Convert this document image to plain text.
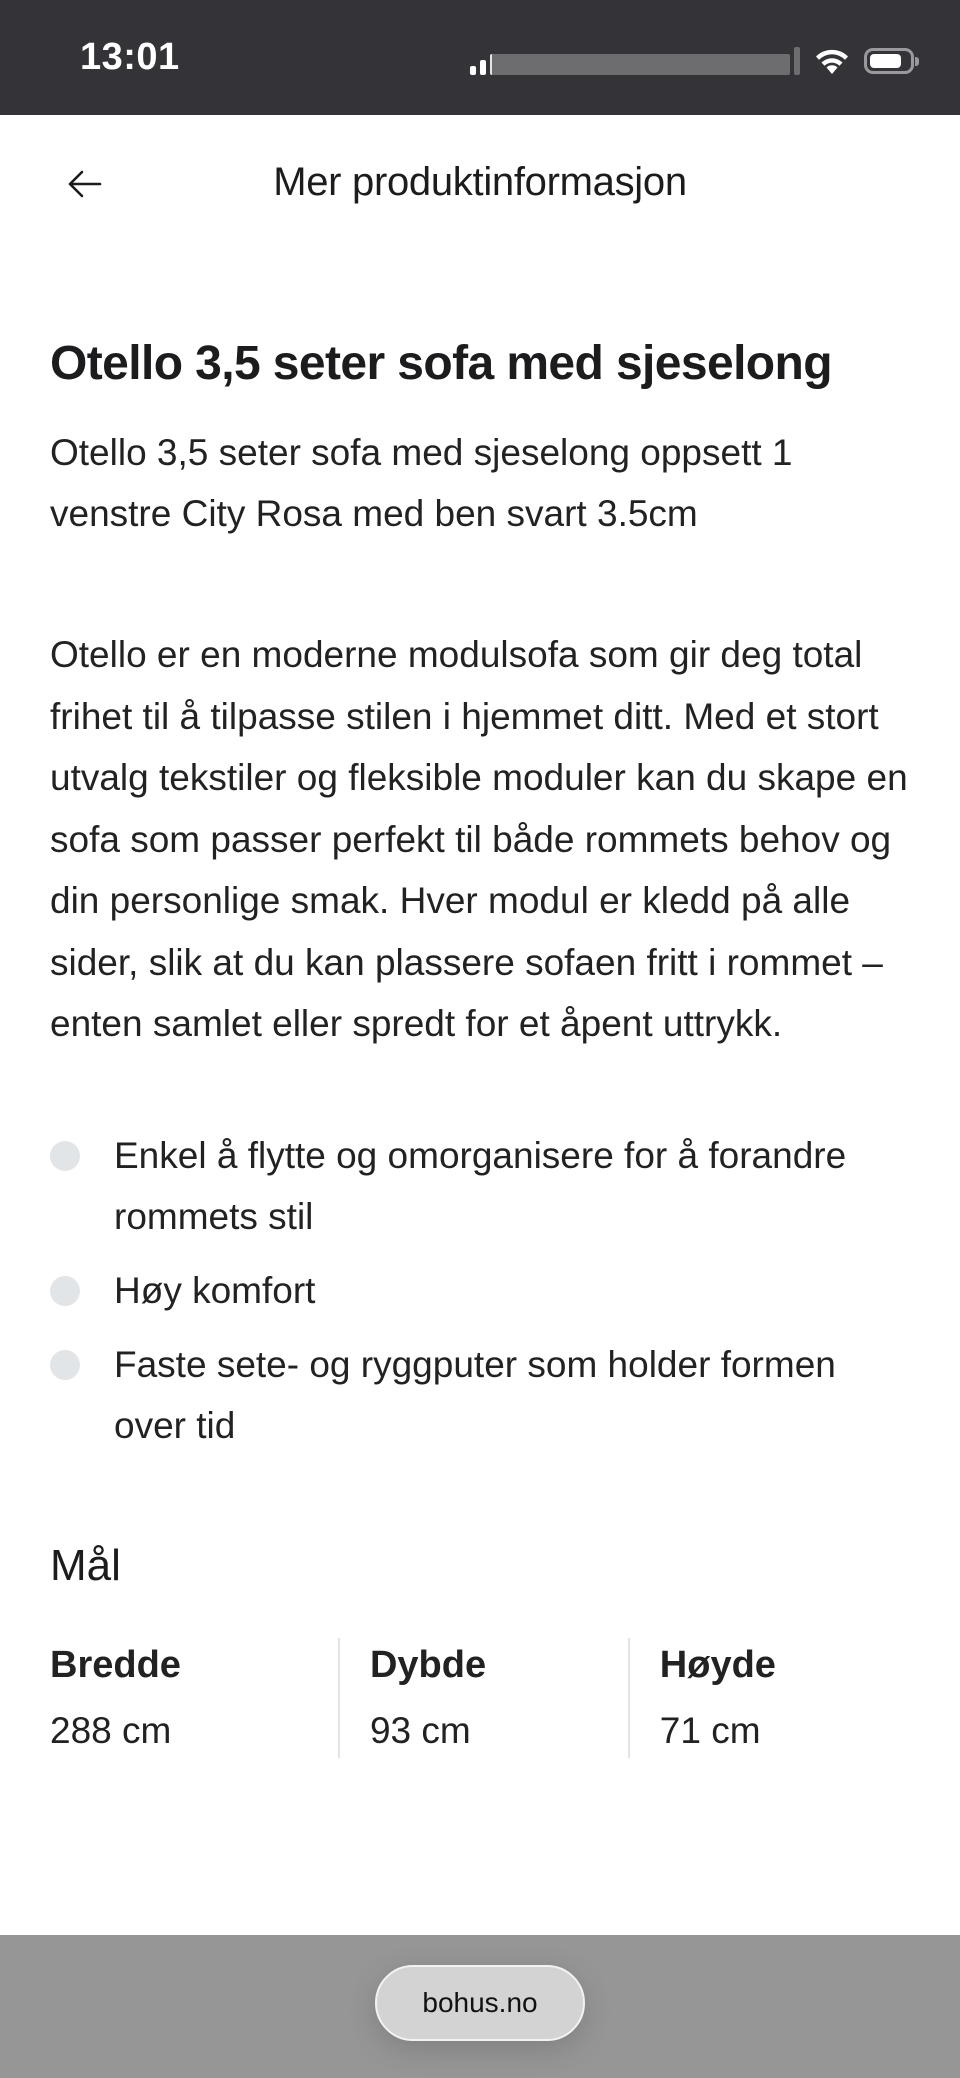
13:01
Mer produktinformasjon
Otello 3,5 seter sofa med sjeselong

Otello 3,5 seter sofa med sjeselong oppsett 1 venstre City Rosa med ben svart 3.5cm

Otello er en moderne modulsofa som gir deg total frihet til å tilpasse stilen i hjemmet ditt. Med et stort utvalg tekstiler og fleksible moduler kan du skape en sofa som passer perfekt til både rommets behov og din personlige smak. Hver modul er kledd på alle sider, slik at du kan plassere sofaen fritt i rommet – enten samlet eller spredt for et åpent uttrykk.

Enkel å flytte og omorganisere for å forandre rommets stil
Høy komfort
Faste sete- og ryggputer som holder formen over tid
Mål
Bredde
288 cm
Dybde
93 cm
Høyde
71 cm
bohus.no
